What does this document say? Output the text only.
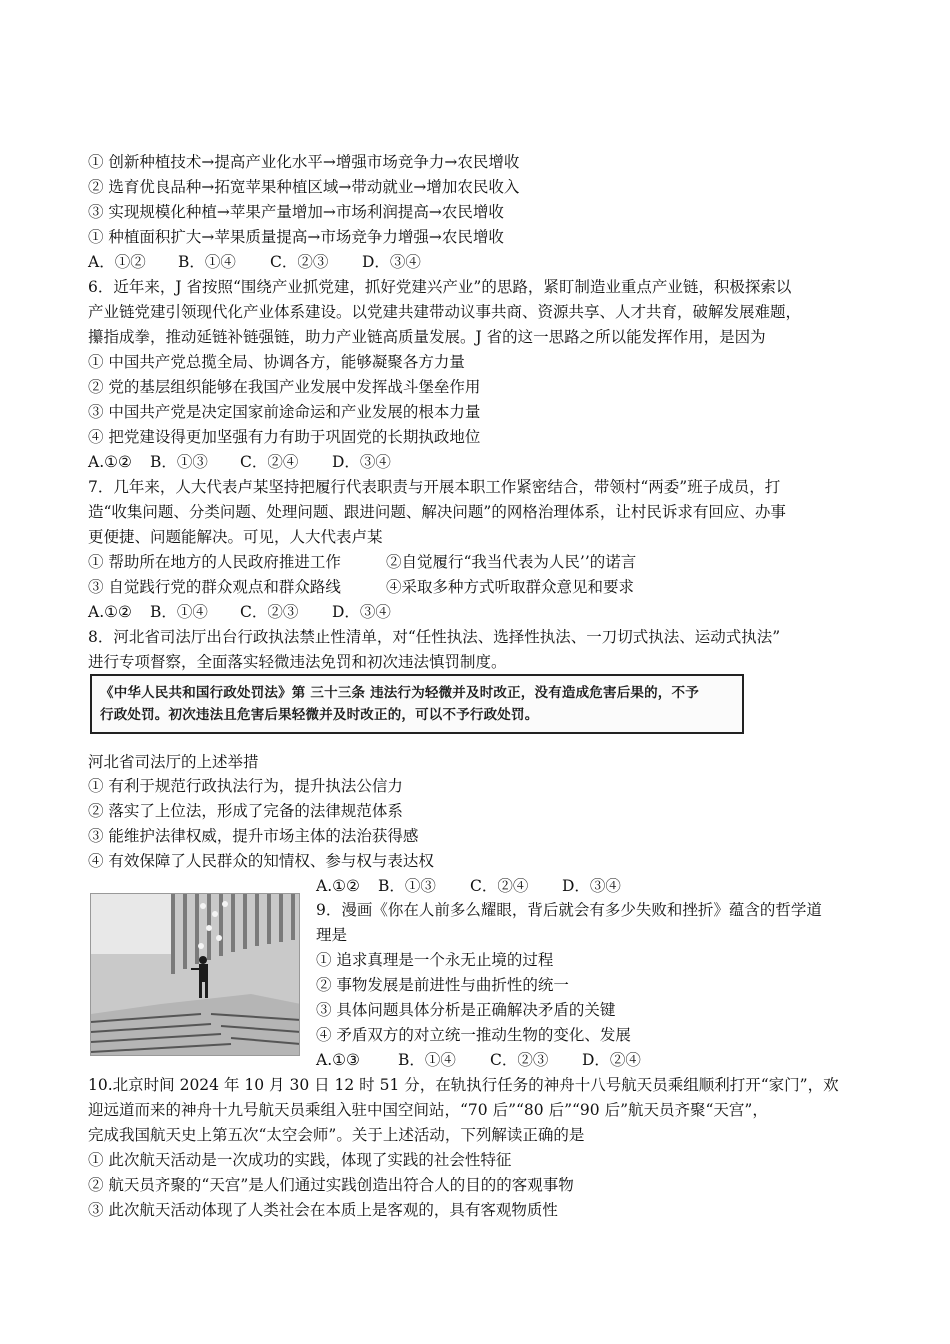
① 创新种植技术→提高产业化水平→增强市场竞争力→农民增收
② 选育优良品种→拓宽苹果种植区域→带动就业→增加农民收入
③ 实现规模化种植→苹果产量增加→市场利润提高→农民增收
① 种植面积扩大→苹果质量提高→市场竞争力增强→农民增收
A．①② B．①④ C．②③ D．③④
6．近年来，J 省按照“围绕产业抓党建，抓好党建兴产业”的思路，紧盯制造业重点产业链，积极探索以
产业链党建引领现代化产业体系建设。以党建共建带动议事共商、资源共享、人才共育，破解发展难题，
攥指成拳，推动延链补链强链，助力产业链高质量发展。J 省的这一思路之所以能发挥作用，是因为
① 中国共产党总揽全局、协调各方，能够凝聚各方力量
② 党的基层组织能够在我国产业发展中发挥战斗堡垒作用
③ 中国共产党是决定国家前途命运和产业发展的根本力量
④ 把党建设得更加坚强有力有助于巩固党的长期执政地位
A.①② B．①③ C．②④ D．③④
7．几年来，人大代表卢某坚持把履行代表职责与开展本职工作紧密结合，带领村“两委”班子成员，打
造“收集问题、分类问题、处理问题、跟进问题、解决问题”的网格治理体系，让村民诉求有回应、办事
更便捷、问题能解决。可见，人大代表卢某
① 帮助所在地方的人民政府推进工作	②自觉履行“我当代表为人民’’的诺言
③ 自觉践行党的群众观点和群众路线	④采取多种方式听取群众意见和要求
A.①② B．①④ C．②③ D．③④
8．河北省司法厅出台行政执法禁止性清单，对“任性执法、选择性执法、一刀切式执法、运动式执法”
进行专项督察，全面落实轻微违法免罚和初次违法慎罚制度。
《中华人民共和国行政处罚法》第 三十三条 违法行为轻微并及时改正，没有造成危害后果的，不予
行政处罚。初次违法且危害后果轻微并及时改正的，可以不予行政处罚。
河北省司法厅的上述举措
① 有利于规范行政执法行为，提升执法公信力
② 落实了上位法，形成了完备的法律规范体系
③ 能维护法律权威，提升市场主体的法治获得感
④ 有效保障了人民群众的知情权、参与权与表达权
A.①② B．①③ C．②④ D．③④
9．漫画《你在人前多么耀眼，背后就会有多少失败和挫折》蕴含的哲学道
理是
① 追求真理是一个永无止境的过程
② 事物发展是前进性与曲折性的统一
③ 具体问题具体分析是正确解决矛盾的关键
④ 矛盾双方的对立统一推动生物的变化、发展
A.①③ B．①④ C．②③ D．②④
10.北京时间 2024 年 10 月 30 日 12 时 51 分，在轨执行任务的神舟十八号航天员乘组顺利打开“家门”，欢
迎远道而来的神舟十九号航天员乘组入驻中国空间站，“70 后”“80 后”“90 后”航天员齐聚“天宫”，
完成我国航天史上第五次“太空会师”。关于上述活动，下列解读正确的是
① 此次航天活动是一次成功的实践，体现了实践的社会性特征
② 航天员齐聚的“天宫”是人们通过实践创造出符合人的目的的客观事物
③ 此次航天活动体现了人类社会在本质上是客观的，具有客观物质性
